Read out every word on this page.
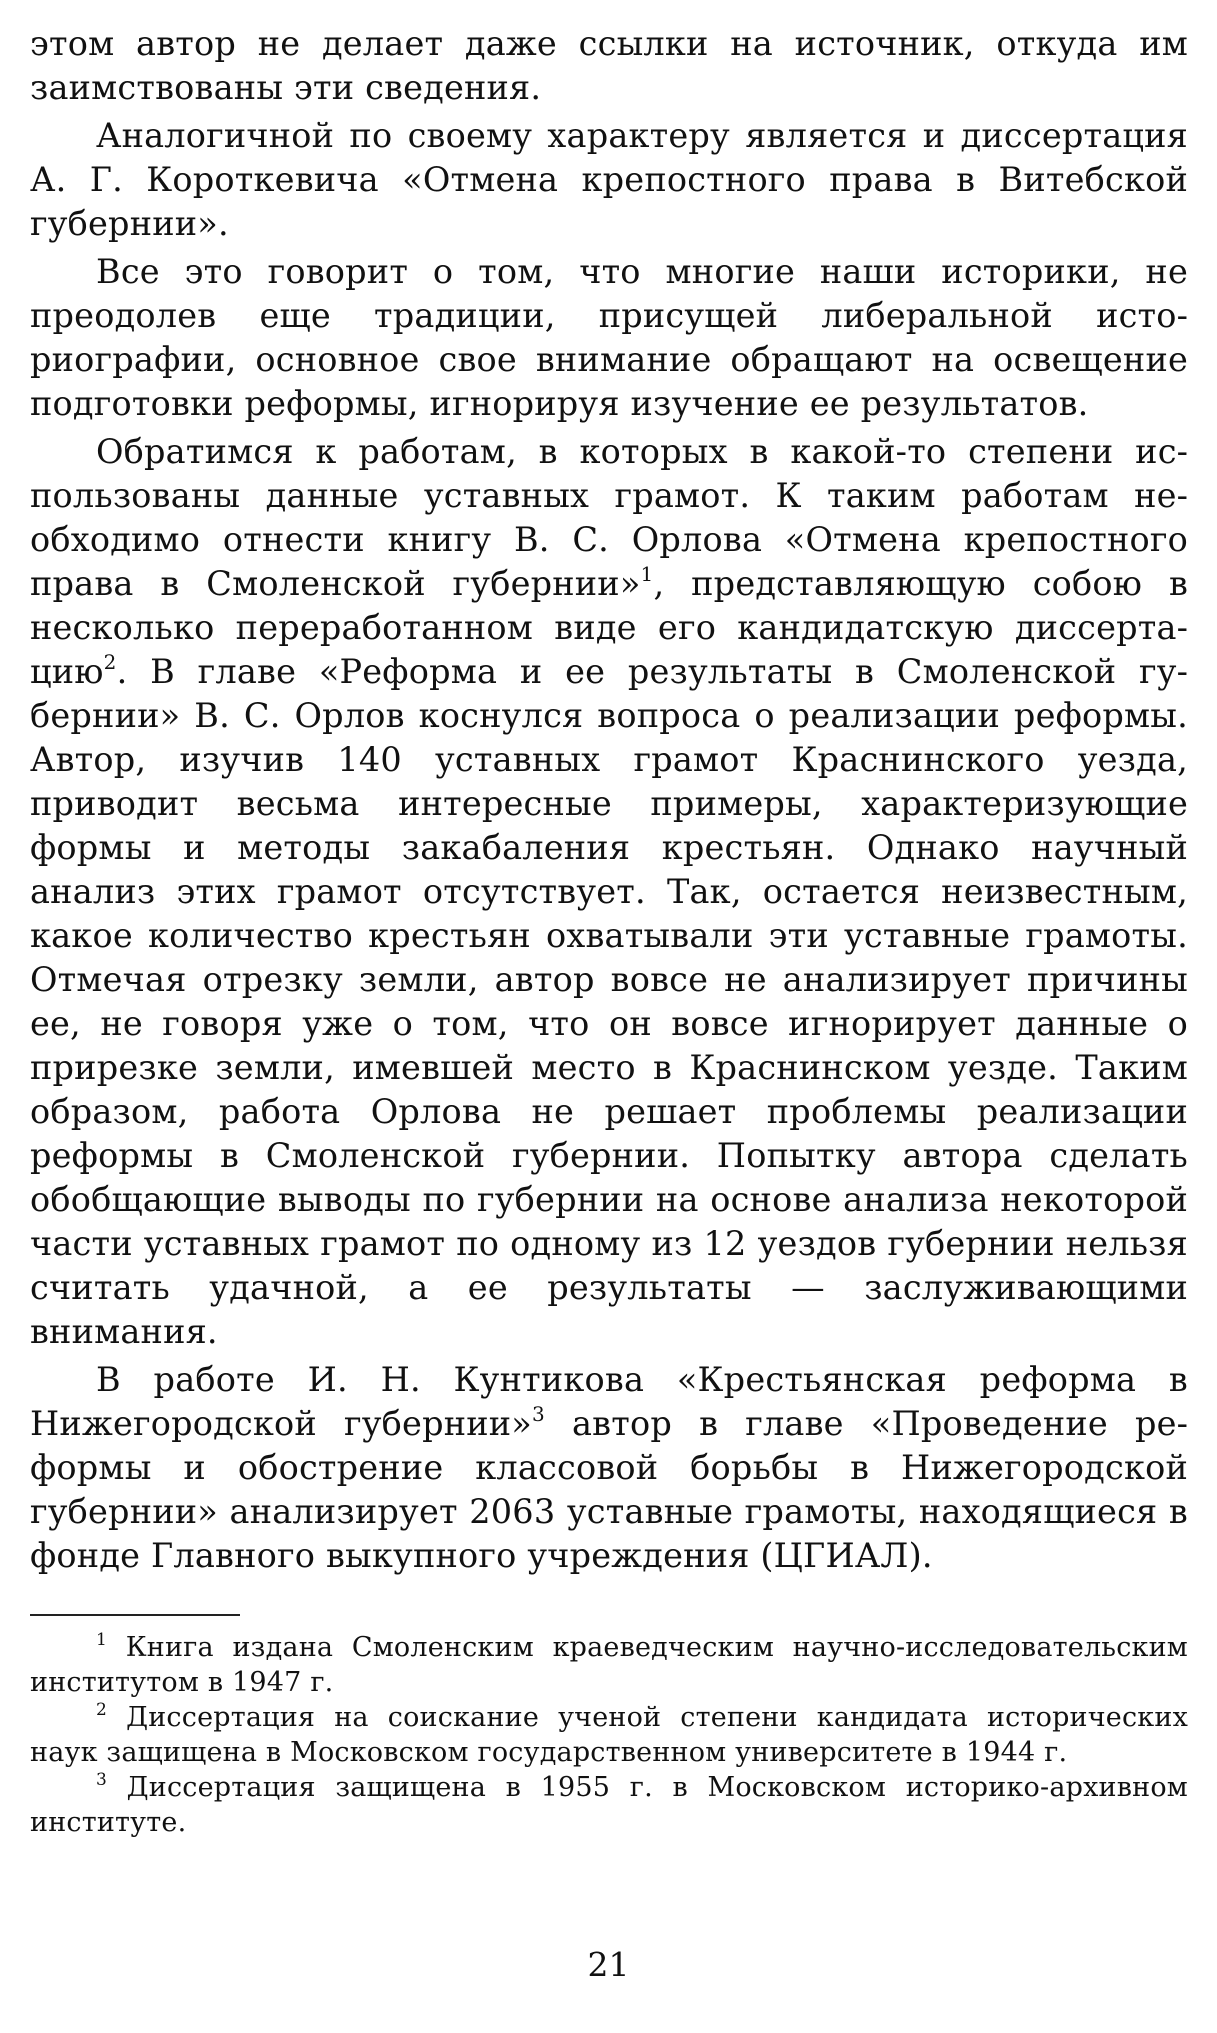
этом автор не делает даже ссылки на источник, откуда им заимствованы эти сведения.

Аналогичной по своему характеру является и диссертация А. Г. Короткевича «Отмена крепостного права в Витебской губернии».

Все это говорит о том, что многие наши историки, не преодолев еще традиции, присущей либеральной историографии, основное свое внимание обращают на освещение подготовки реформы, игнорируя изучение ее результатов.

Обратимся к работам, в которых в какой-то степени использованы данные уставных грамот. К таким работам необходимо отнести книгу В. С. Орлова «Отмена крепостного права в Смоленской губернии»$^1$, представляющую собою в несколько переработанном виде его кандидатскую диссертацию$^2$. В главе «Реформа и ее результаты в Смоленской губернии» В. С. Орлов коснулся вопроса о реализации реформы. Автор, изучив 140 уставных грамот Краснинского уезда, приводит весьма интересные примеры, характеризующие формы и методы закабаления крестьян. Однако научный анализ этих грамот отсутствует. Так, остается неизвестным, какое количество крестьян охватывали эти уставные грамоты. Отмечая отрезку земли, автор вовсе не анализирует причины ее, не говоря уже о том, что он вовсе игнорирует данные о прирезке земли, имевшей место в Краснинском уезде. Таким образом, работа Орлова не решает проблемы реализации реформы в Смоленской губернии. Попытку автора сделать обобщающие выводы по губернии на основе анализа некоторой части уставных грамот по одному из 12 уездов губернии нельзя считать удачной, а ее результаты — заслуживающими внимания.

В работе И. Н. Кунтикова «Крестьянская реформа в Нижегородской губернии»$^3$ автор в главе «Проведение реформы и обострение классовой борьбы в Нижегородской губернии» анализирует 2063 уставные грамоты, находящиеся в фонде Главного выкупного учреждения (ЦГИАЛ).

$^1$ Книга издана Смоленским краеведческим научно-исследовательским институтом в 1947 г.

$^2$ Диссертация на соискание ученой степени кандидата исторических наук защищена в Московском государственном университете в 1944 г.

$^3$ Диссертация защищена в 1955 г. в Московском историко-архивном институте.

21
